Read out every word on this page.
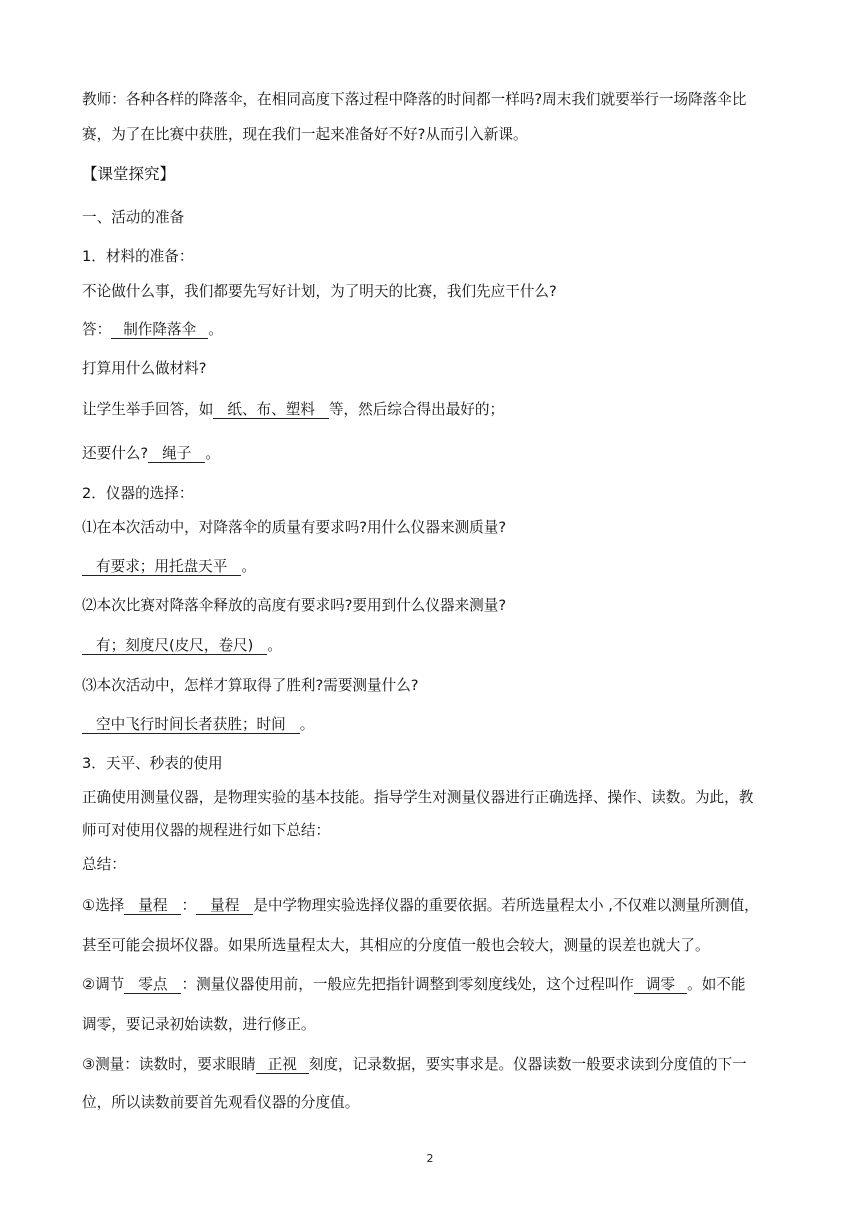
教师：各种各样的降落伞，在相同高度下落过程中降落的时间都一样吗?周末我们就要举行一场降落伞比
赛，为了在比赛中获胜，现在我们一起来准备好不好?从而引入新课。
【课堂探究】
一、活动的准备
1．材料的准备：
不论做什么事，我们都要先写好计划，为了明天的比赛，我们先应干什么?
答： 制作降落伞 。
打算用什么做材料?
让学生举手回答，如 纸、布、塑料 等，然后综合得出最好的；
还要什么? 绳子 。
2．仪器的选择：
⑴在本次活动中，对降落伞的质量有要求吗?用什么仪器来测质量?
有要求；用托盘天平 。
⑵本次比赛对降落伞释放的高度有要求吗?要用到什么仪器来测量?
有；刻度尺(皮尺，卷尺) 。
⑶本次活动中，怎样才算取得了胜利?需要测量什么?
空中飞行时间长者获胜；时间 。
3．天平、秒表的使用
正确使用测量仪器，是物理实验的基本技能。指导学生对测量仪器进行正确选择、操作、读数。为此，教
师可对使用仪器的规程进行如下总结：
总结：
①选择 量程 ： 量程 是中学物理实验选择仪器的重要依据。若所选量程太小 ,不仅难以测量所测值，
甚至可能会损坏仪器。如果所选量程太大，其相应的分度值一般也会较大，测量的误差也就大了。
②调节 零点 ：测量仪器使用前，一般应先把指针调整到零刻度线处，这个过程叫作 调零 。如不能
调零，要记录初始读数，进行修正。
③测量：读数时，要求眼睛 正视 刻度，记录数据，要实事求是。仪器读数一般要求读到分度值的下一
位，所以读数前要首先观看仪器的分度值。
2
